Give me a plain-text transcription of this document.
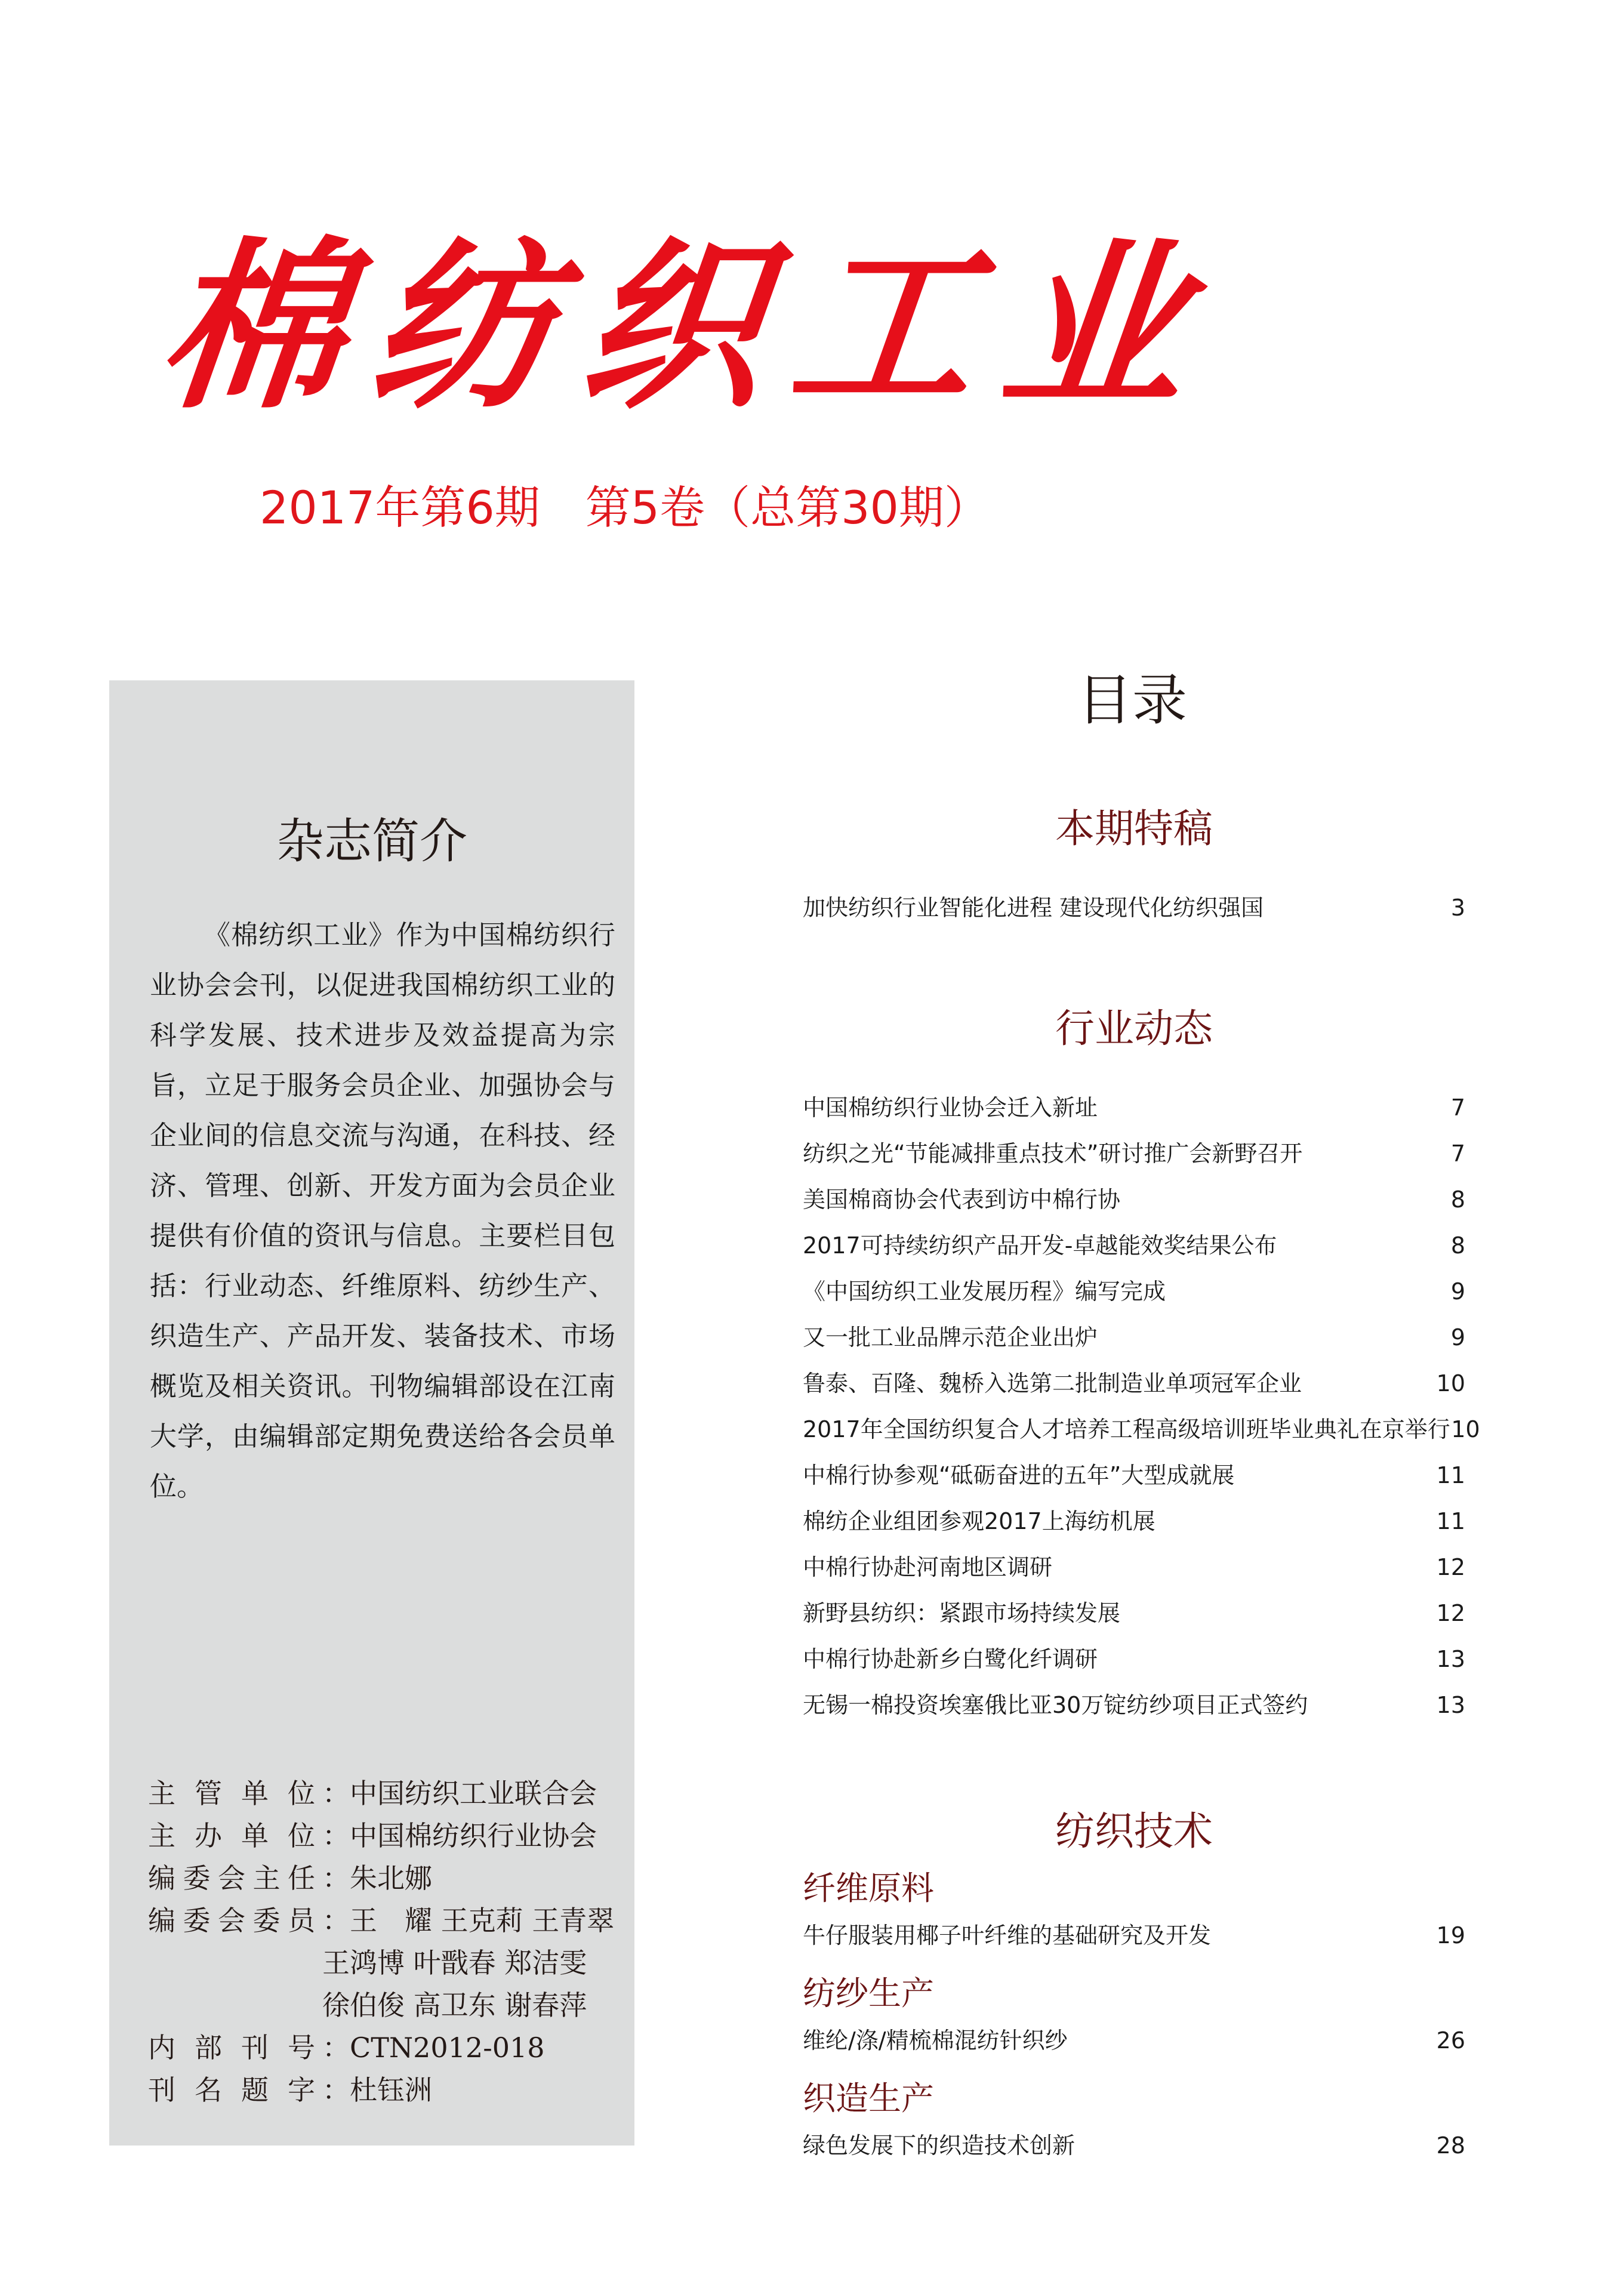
棉纺织工业
2017年第6期　第5卷（总第30期）
杂志简介
《棉纺织工业》作为中国棉纺织行业协会会刊，以促进我国棉纺织工业的科学发展、技术进步及效益提高为宗旨，立足于服务会员企业、加强协会与企业间的信息交流与沟通，在科技、经济、管理、创新、开发方面为会员企业提供有价值的资讯与信息。主要栏目包括：行业动态、纤维原料、纺纱生产、织造生产、产品开发、装备技术、市场概览及相关资讯。刊物编辑部设在江南大学，由编辑部定期免费送给各会员单位。
主管单位 ： 中国纺织工业联合会
主办单位 ： 中国棉纺织行业协会
编委会主任 ： 朱北娜
编委会委员 ： 王　耀 王克莉 王青翠
王鸿博 叶戬春 郑洁雯
徐伯俊 高卫东 谢春萍
内部刊号 ： CTN2012-018
刊名题字 ： 杜钰洲
目录
本期特稿
加快纺织行业智能化进程 建设现代化纺织强国	3
行业动态
中国棉纺织行业协会迁入新址	7
纺织之光“节能减排重点技术”研讨推广会新野召开	7
美国棉商协会代表到访中棉行协	8
2017可持续纺织产品开发-卓越能效奖结果公布	8
《中国纺织工业发展历程》编写完成	9
又一批工业品牌示范企业出炉	9
鲁泰、百隆、魏桥入选第二批制造业单项冠军企业	10
2017年全国纺织复合人才培养工程高级培训班毕业典礼在京举行 10
中棉行协参观“砥砺奋进的五年”大型成就展	11
棉纺企业组团参观2017上海纺机展	11
中棉行协赴河南地区调研	12
新野县纺织：紧跟市场持续发展	12
中棉行协赴新乡白鹭化纤调研	13
无锡一棉投资埃塞俄比亚30万锭纺纱项目正式签约	13
纺织技术
纤维原料
牛仔服装用椰子叶纤维的基础研究及开发	19
纺纱生产
维纶/涤/精梳棉混纺针织纱	26
织造生产
绿色发展下的织造技术创新	28
